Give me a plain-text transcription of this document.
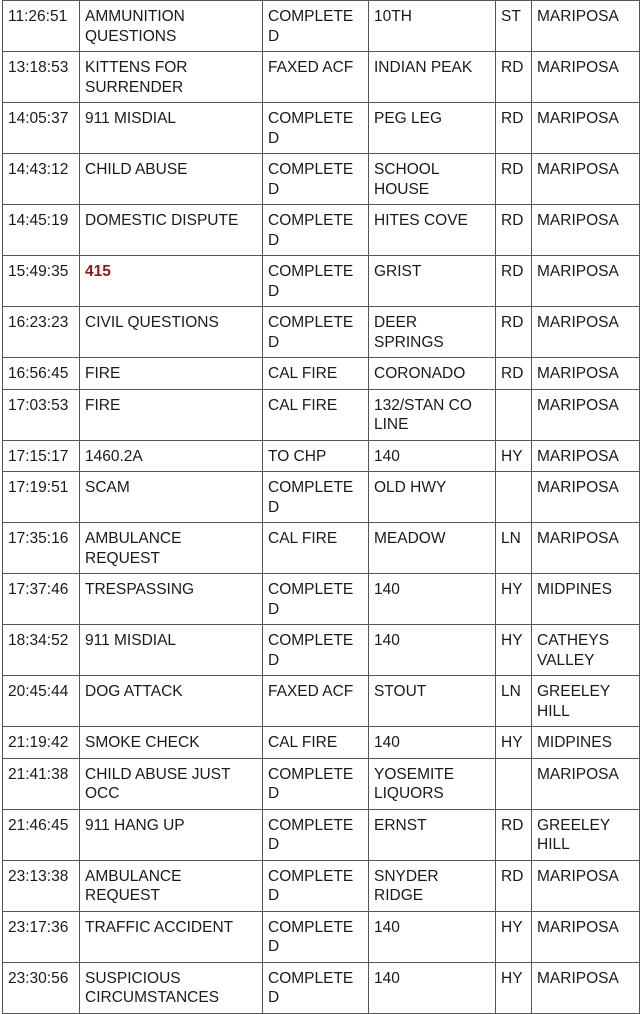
11:26:51	AMMUNITION QUESTIONS	COMPLETED	10TH	ST	MARIPOSA
13:18:53	KITTENS FOR SURRENDER	FAXED ACF	INDIAN PEAK	RD	MARIPOSA
14:05:37	911 MISDIAL	COMPLETED	PEG LEG	RD	MARIPOSA
14:43:12	CHILD ABUSE	COMPLETED	SCHOOL HOUSE	RD	MARIPOSA
14:45:19	DOMESTIC DISPUTE	COMPLETED	HITES COVE	RD	MARIPOSA
15:49:35	415	COMPLETED	GRIST	RD	MARIPOSA
16:23:23	CIVIL QUESTIONS	COMPLETED	DEER SPRINGS	RD	MARIPOSA
16:56:45	FIRE	CAL FIRE	CORONADO	RD	MARIPOSA
17:03:53	FIRE	CAL FIRE	132/STAN CO LINE		MARIPOSA
17:15:17	1460.2A	TO CHP	140	HY	MARIPOSA
17:19:51	SCAM	COMPLETED	OLD HWY		MARIPOSA
17:35:16	AMBULANCE REQUEST	CAL FIRE	MEADOW	LN	MARIPOSA
17:37:46	TRESPASSING	COMPLETED	140	HY	MIDPINES
18:34:52	911 MISDIAL	COMPLETED	140	HY	CATHEYS VALLEY
20:45:44	DOG ATTACK	FAXED ACF	STOUT	LN	GREELEY HILL
21:19:42	SMOKE CHECK	CAL FIRE	140	HY	MIDPINES
21:41:38	CHILD ABUSE JUST OCC	COMPLETED	YOSEMITE LIQUORS		MARIPOSA
21:46:45	911 HANG UP	COMPLETED	ERNST	RD	GREELEY HILL
23:13:38	AMBULANCE REQUEST	COMPLETED	SNYDER RIDGE	RD	MARIPOSA
23:17:36	TRAFFIC ACCIDENT	COMPLETED	140	HY	MARIPOSA
23:30:56	SUSPICIOUS CIRCUMSTANCES	COMPLETED	140	HY	MARIPOSA
